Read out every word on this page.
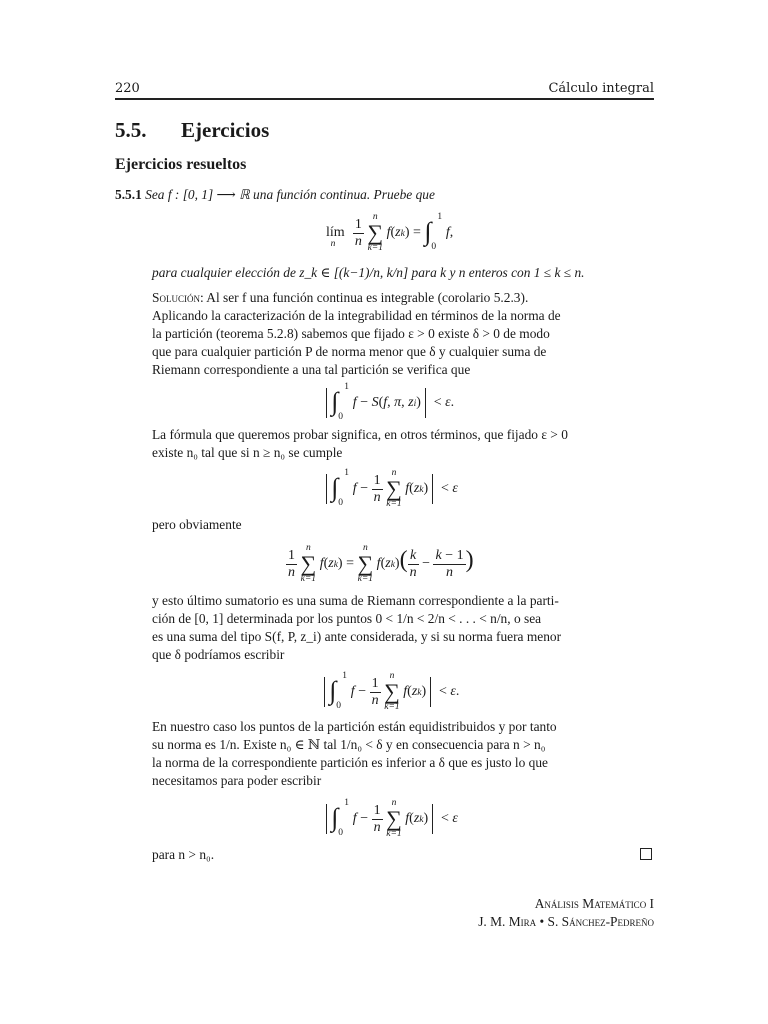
220	Cálculo integral
5.5. Ejercicios
Ejercicios resueltos
5.5.1 Sea f : [0, 1] ⟶ ℝ una función continua. Pruebe que
lím$_n$ $\frac{1}{n}$
n
∑
k=1
f(zk) = ∫ 1
0
f,
para cualquier elección de z_k ∈ [(k−1)/n, k/n] para k y n enteros con 1 ≤ k ≤ n.
Solución: Al ser f una función continua es integrable (corolario 5.2.3).
Aplicando la caracterización de la integrabilidad en términos de la norma de
la partición (teorema 5.2.8) sabemos que fijado ε > 0 existe δ > 0 de modo
que para cualquier partición P de norma menor que δ y cualquier suma de
Riemann correspondiente a una tal partición se verifica que
∫ 1
0
f − S(f, π, zi) < ε.
La fórmula que queremos probar significa, en otros términos, que fijado ε > 0
existe n₀ tal que si n ≥ n₀ se cumple
∫ 1
0
$f - \frac{1}{n}$
n
∑
k=1
f(zk) < ε
pero obviamente
$\frac{1}{n}$
n
∑
k=1
f(zk) =
n
∑
k=1
$f(zk)( \frac{k}{n} - \frac{k - 1}{n}$ )
y esto último sumatorio es una suma de Riemann correspondiente a la parti-
ción de [0, 1] determinada por los puntos 0 < 1/n < 2/n < . . . < n/n, o sea
es una suma del tipo S(f, P, z_i) ante considerada, y si su norma fuera menor
que δ podríamos escribir
∫ 1
0
$f - \frac{1}{n}$
n
∑
k=1
f(zk) < ε.
En nuestro caso los puntos de la partición están equidistribuidos y por tanto
su norma es 1/n. Existe n₀ ∈ ℕ tal 1/n₀ < δ y en consecuencia para n > n₀
la norma de la correspondiente partición es inferior a δ que es justo lo que
necesitamos para poder escribir
∫ 1
0
$f - \frac{1}{n}$
n
∑
k=1
f(zk) < ε
para n > n₀.
Análisis Matemático I
J. M. Mira • S. Sánchez-Pedreño
